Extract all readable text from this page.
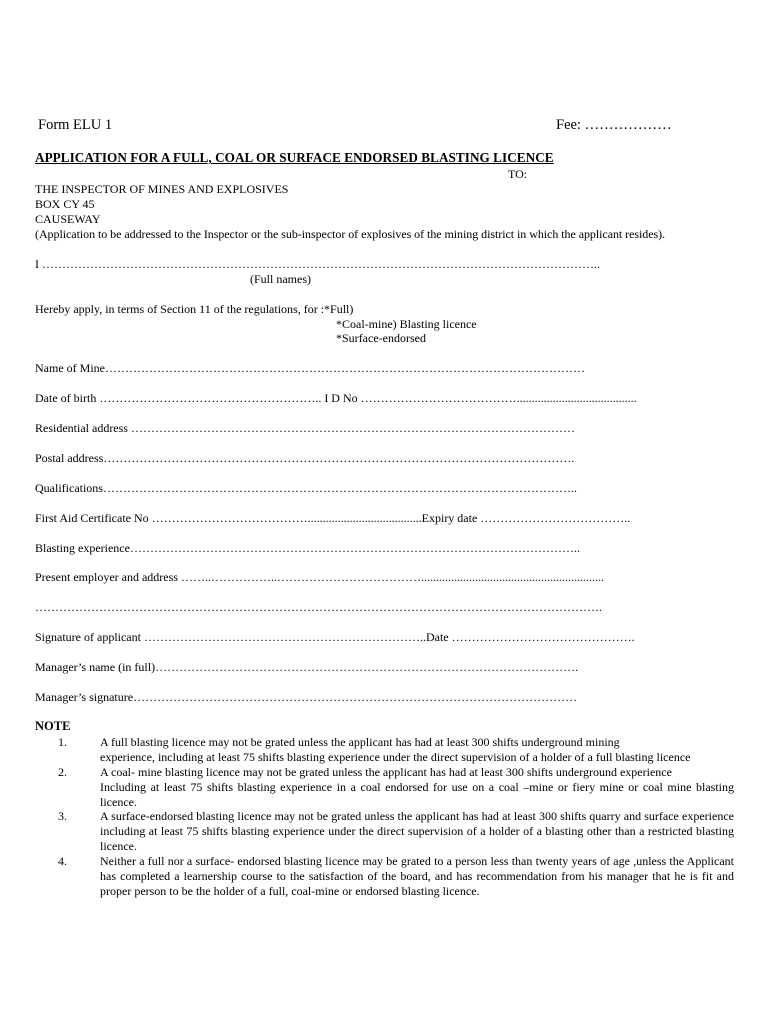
Form ELU 1	Fee: ………………
APPLICATION FOR A FULL, COAL OR SURFACE ENDORSED BLASTING LICENCE
TO:
THE INSPECTOR OF MINES AND EXPLOSIVES
BOX CY 45
CAUSEWAY
(Application to be addressed to the Inspector or the sub-inspector of explosives of the mining district in which the applicant resides).
I …………………………………………………………………………………………………………………………..
(Full names)
Hereby apply, in terms of Section 11 of the regulations, for :*Full)
*Coal-mine) Blasting licence
*Surface-endorsed
Name of Mine…………………………………………………………………………………………………………
Date of birth ……………………………………………….. I D No …………………………………........................................
Residential address …………………………………………………………………………………………………
Postal address……………………………………………………………………………………………………….
Qualifications………………………………………………………………………………………………………..
First Aid Certificate No …………………………………......................................Expiry date ………………………………..
Blasting experience…………………………………………………………………………………………………..
Present employer and address ……..……………..……………………………….............................................................
…………………………………………………………………………………………………………………………….
Signature of applicant ……………………………………………………………..Date ……………………………………….
Manager’s name (in full)…………………………………………………………………………………………….
Manager’s signature…………………………………………………………………………………………………
NOTE
1.	A full blasting licence may not be grated unless the applicant has had at least 300 shifts underground mining
experience, including at least 75 shifts blasting experience under the direct supervision of a holder of a full blasting licence
2.	A coal- mine blasting licence may not be grated unless the applicant has had at least 300 shifts underground experience
Including at least 75 shifts blasting experience in a coal endorsed for use on a coal –mine or fiery mine or coal mine blasting licence.
3.	A surface-endorsed blasting licence may not be grated unless the applicant has had at least 300 shifts quarry and surface experience including at least 75 shifts blasting experience under the direct supervision of a holder of a blasting other than a restricted blasting licence.
4.	Neither a full nor a surface- endorsed blasting licence may be grated to a person less than twenty years of age ,unless the Applicant has completed a learnership course to the satisfaction of the board, and has recommendation from his manager that he is fit and proper person to be the holder of a full, coal-mine or endorsed blasting licence.
